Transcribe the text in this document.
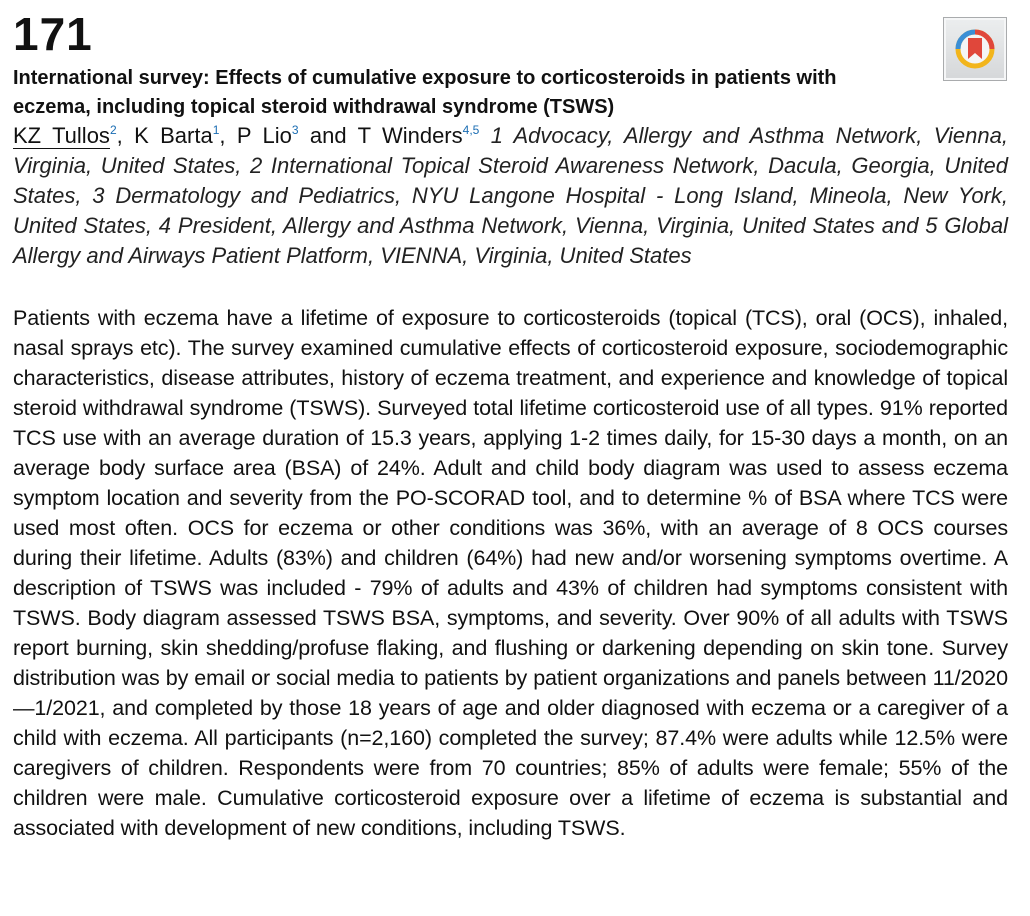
171
International survey: Effects of cumulative exposure to corticosteroids in patients with eczema, including topical steroid withdrawal syndrome (TSWS)
KZ Tullos$^2$, K Barta$^1$, P Lio$^3$ and T Winders$^{4,5}$ 1 Advocacy, Allergy and Asthma Network, Vienna, Virginia, United States, 2 International Topical Steroid Awareness Network, Dacula, Georgia, United States, 3 Dermatology and Pediatrics, NYU Langone Hospital - Long Island, Mineola, New York, United States, 4 President, Allergy and Asthma Network, Vienna, Virginia, United States and 5 Global Allergy and Airways Patient Platform, VIENNA, Virginia, United States
Patients with eczema have a lifetime of exposure to corticosteroids (topical (TCS), oral (OCS), inhaled, nasal sprays etc). The survey examined cumulative effects of corticosteroid exposure, sociodemographic characteristics, disease attributes, history of eczema treatment, and experience and knowledge of topical steroid withdrawal syndrome (TSWS). Surveyed total lifetime corticosteroid use of all types. 91% reported TCS use with an average duration of 15.3 years, applying 1-2 times daily, for 15-30 days a month, on an average body surface area (BSA) of 24%. Adult and child body diagram was used to assess eczema symptom location and severity from the PO-SCORAD tool, and to determine % of BSA where TCS were used most often. OCS for eczema or other conditions was 36%, with an average of 8 OCS courses during their lifetime. Adults (83%) and children (64%) had new and/or worsening symptoms overtime. A description of TSWS was included - 79% of adults and 43% of children had symptoms consistent with TSWS. Body diagram assessed TSWS BSA, symptoms, and severity. Over 90% of all adults with TSWS report burning, skin shedding/profuse flaking, and flushing or darkening depending on skin tone. Survey distribution was by email or social media to patients by patient organizations and panels between 11/2020—1/2021, and completed by those 18 years of age and older diagnosed with eczema or a caregiver of a child with eczema. All participants (n=2,160) completed the survey; 87.4% were adults while 12.5% were caregivers of children. Respondents were from 70 countries; 85% of adults were female; 55% of the children were male. Cumulative corticosteroid exposure over a lifetime of eczema is substantial and associated with development of new conditions, including TSWS.
